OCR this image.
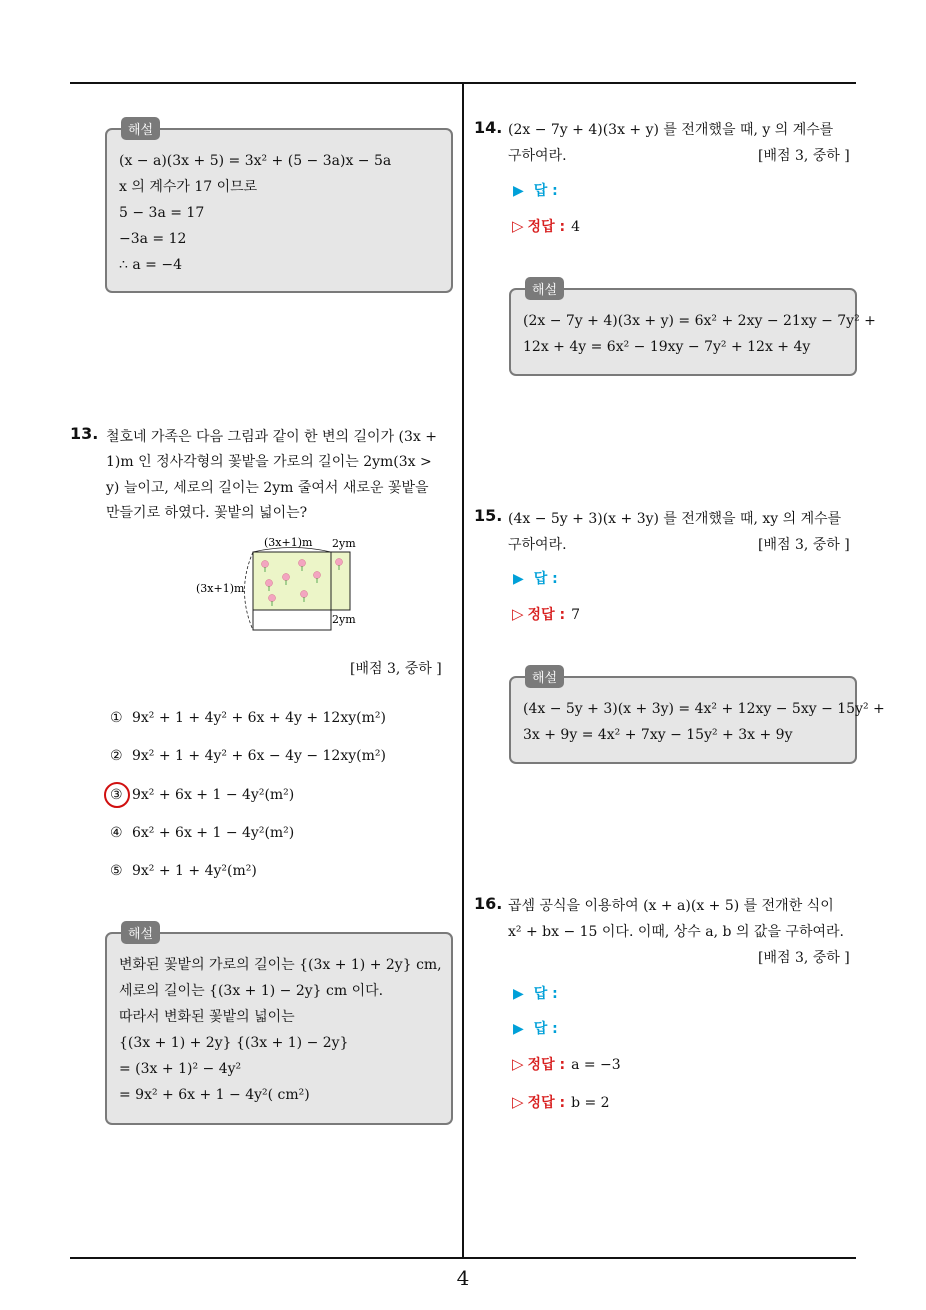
4
해설
(x − a)(3x + 5) = 3x² + (5 − 3a)x − 5a
x 의 계수가 17 이므로
5 − 3a = 17
−3a = 12
∴ a = −4
13. 철호네 가족은 다음 그림과 같이 한 변의 길이가 (3x +
1)m 인 정사각형의 꽃밭을 가로의 길이는 2ym(3x >
y) 늘이고, 세로의 길이는 2ym 줄여서 새로운 꽃밭을
만들기로 하였다. 꽃밭의 넓이는?
(3x+1)m 2ym
(3x+1)m
2ym
[배점 3, 중하 ]
① 9x² + 1 + 4y² + 6x + 4y + 12xy(m²)
② 9x² + 1 + 4y² + 6x − 4y − 12xy(m²)
③ 9x² + 6x + 1 − 4y²(m²)
④ 6x² + 6x + 1 − 4y²(m²)
⑤ 9x² + 1 + 4y²(m²)
해설
변화된 꽃밭의 가로의 길이는 {(3x + 1) + 2y} cm,
세로의 길이는 {(3x + 1) − 2y} cm 이다.
따라서 변화된 꽃밭의 넓이는
{(3x + 1) + 2y} {(3x + 1) − 2y}
= (3x + 1)² − 4y²
= 9x² + 6x + 1 − 4y²( cm²)
14. (2x − 7y + 4)(3x + y) 를 전개했을 때, y 의 계수를
구하여라.	[배점 3, 중하 ]
▶ 답 :
▷ 정답 : 4
해설
(2x − 7y + 4)(3x + y) = 6x² + 2xy − 21xy − 7y² +
12x + 4y = 6x² − 19xy − 7y² + 12x + 4y
15. (4x − 5y + 3)(x + 3y) 를 전개했을 때, xy 의 계수를
구하여라.	[배점 3, 중하 ]
▶ 답 :
▷ 정답 : 7
해설
(4x − 5y + 3)(x + 3y) = 4x² + 12xy − 5xy − 15y² +
3x + 9y = 4x² + 7xy − 15y² + 3x + 9y
16. 곱셈 공식을 이용하여 (x + a)(x + 5) 를 전개한 식이
x² + bx − 15 이다. 이때, 상수 a, b 의 값을 구하여라.
[배점 3, 중하 ]
▶ 답 :
▶ 답 :
▷ 정답 : a = −3
▷ 정답 : b = 2
